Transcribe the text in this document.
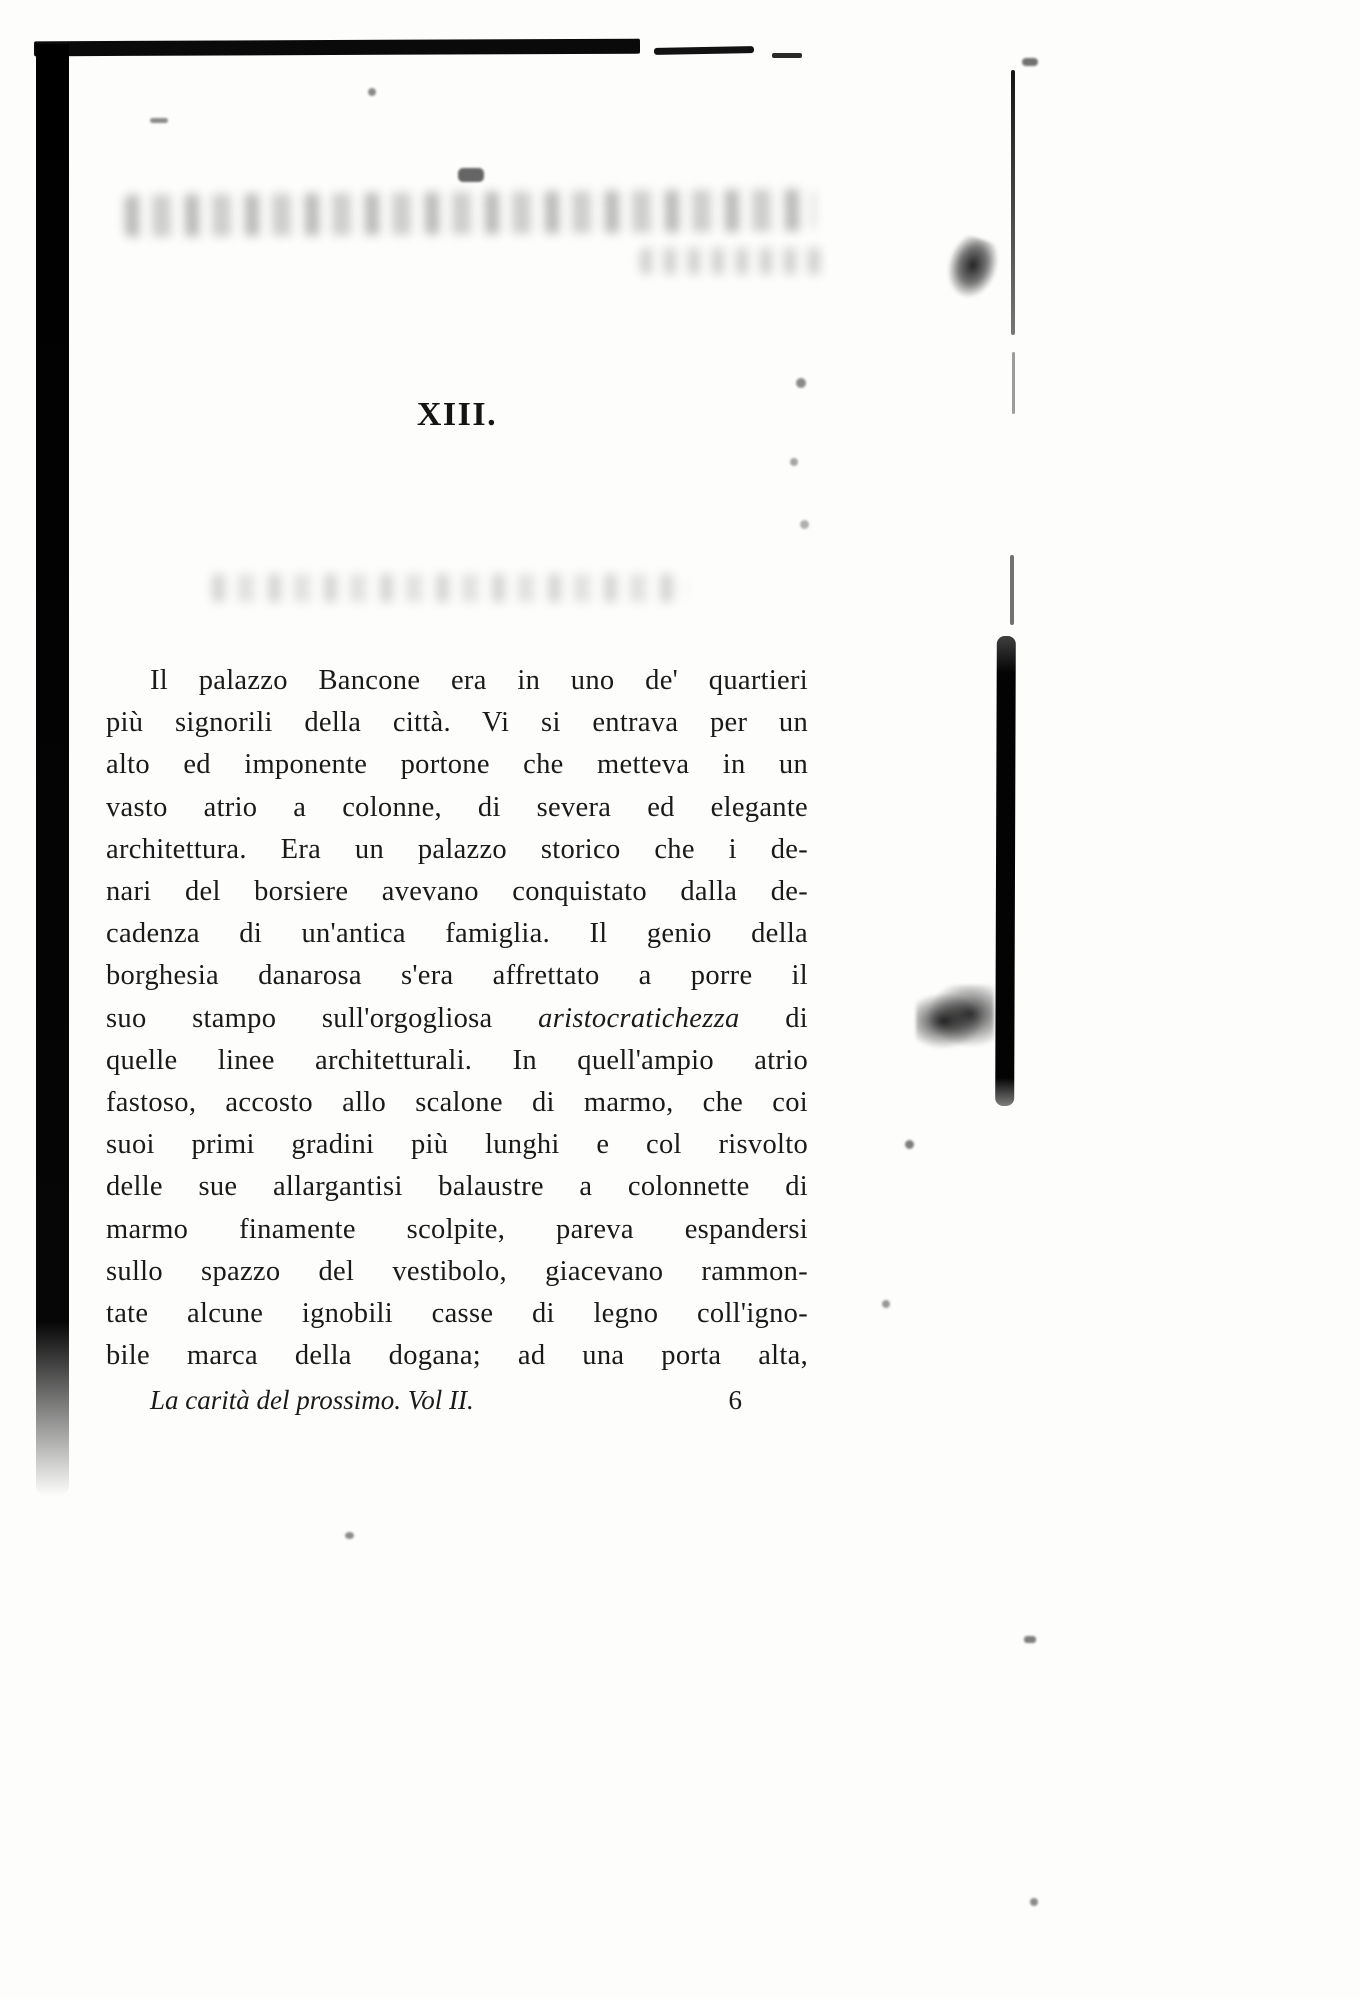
XIII.
Il palazzo Bancone era in uno de' quartieri
più signorili della città. Vi si entrava per un
alto ed imponente portone che metteva in un
vasto atrio a colonne, di severa ed elegante
architettura. Era un palazzo storico che i de-
nari del borsiere avevano conquistato dalla de-
cadenza di un'antica famiglia. Il genio della
borghesia danarosa s'era affrettato a porre il
suo stampo sull'orgogliosa aristocratichezza di
quelle linee architetturali. In quell'ampio atrio
fastoso, accosto allo scalone di marmo, che coi
suoi primi gradini più lunghi e col risvolto
delle sue allargantisi balaustre a colonnette di
marmo finamente scolpite, pareva espandersi
sullo spazzo del vestibolo, giacevano rammon-
tate alcune ignobili casse di legno coll'igno-
bile marca della dogana; ad una porta alta,
La carità del prossimo. Vol II.	6
